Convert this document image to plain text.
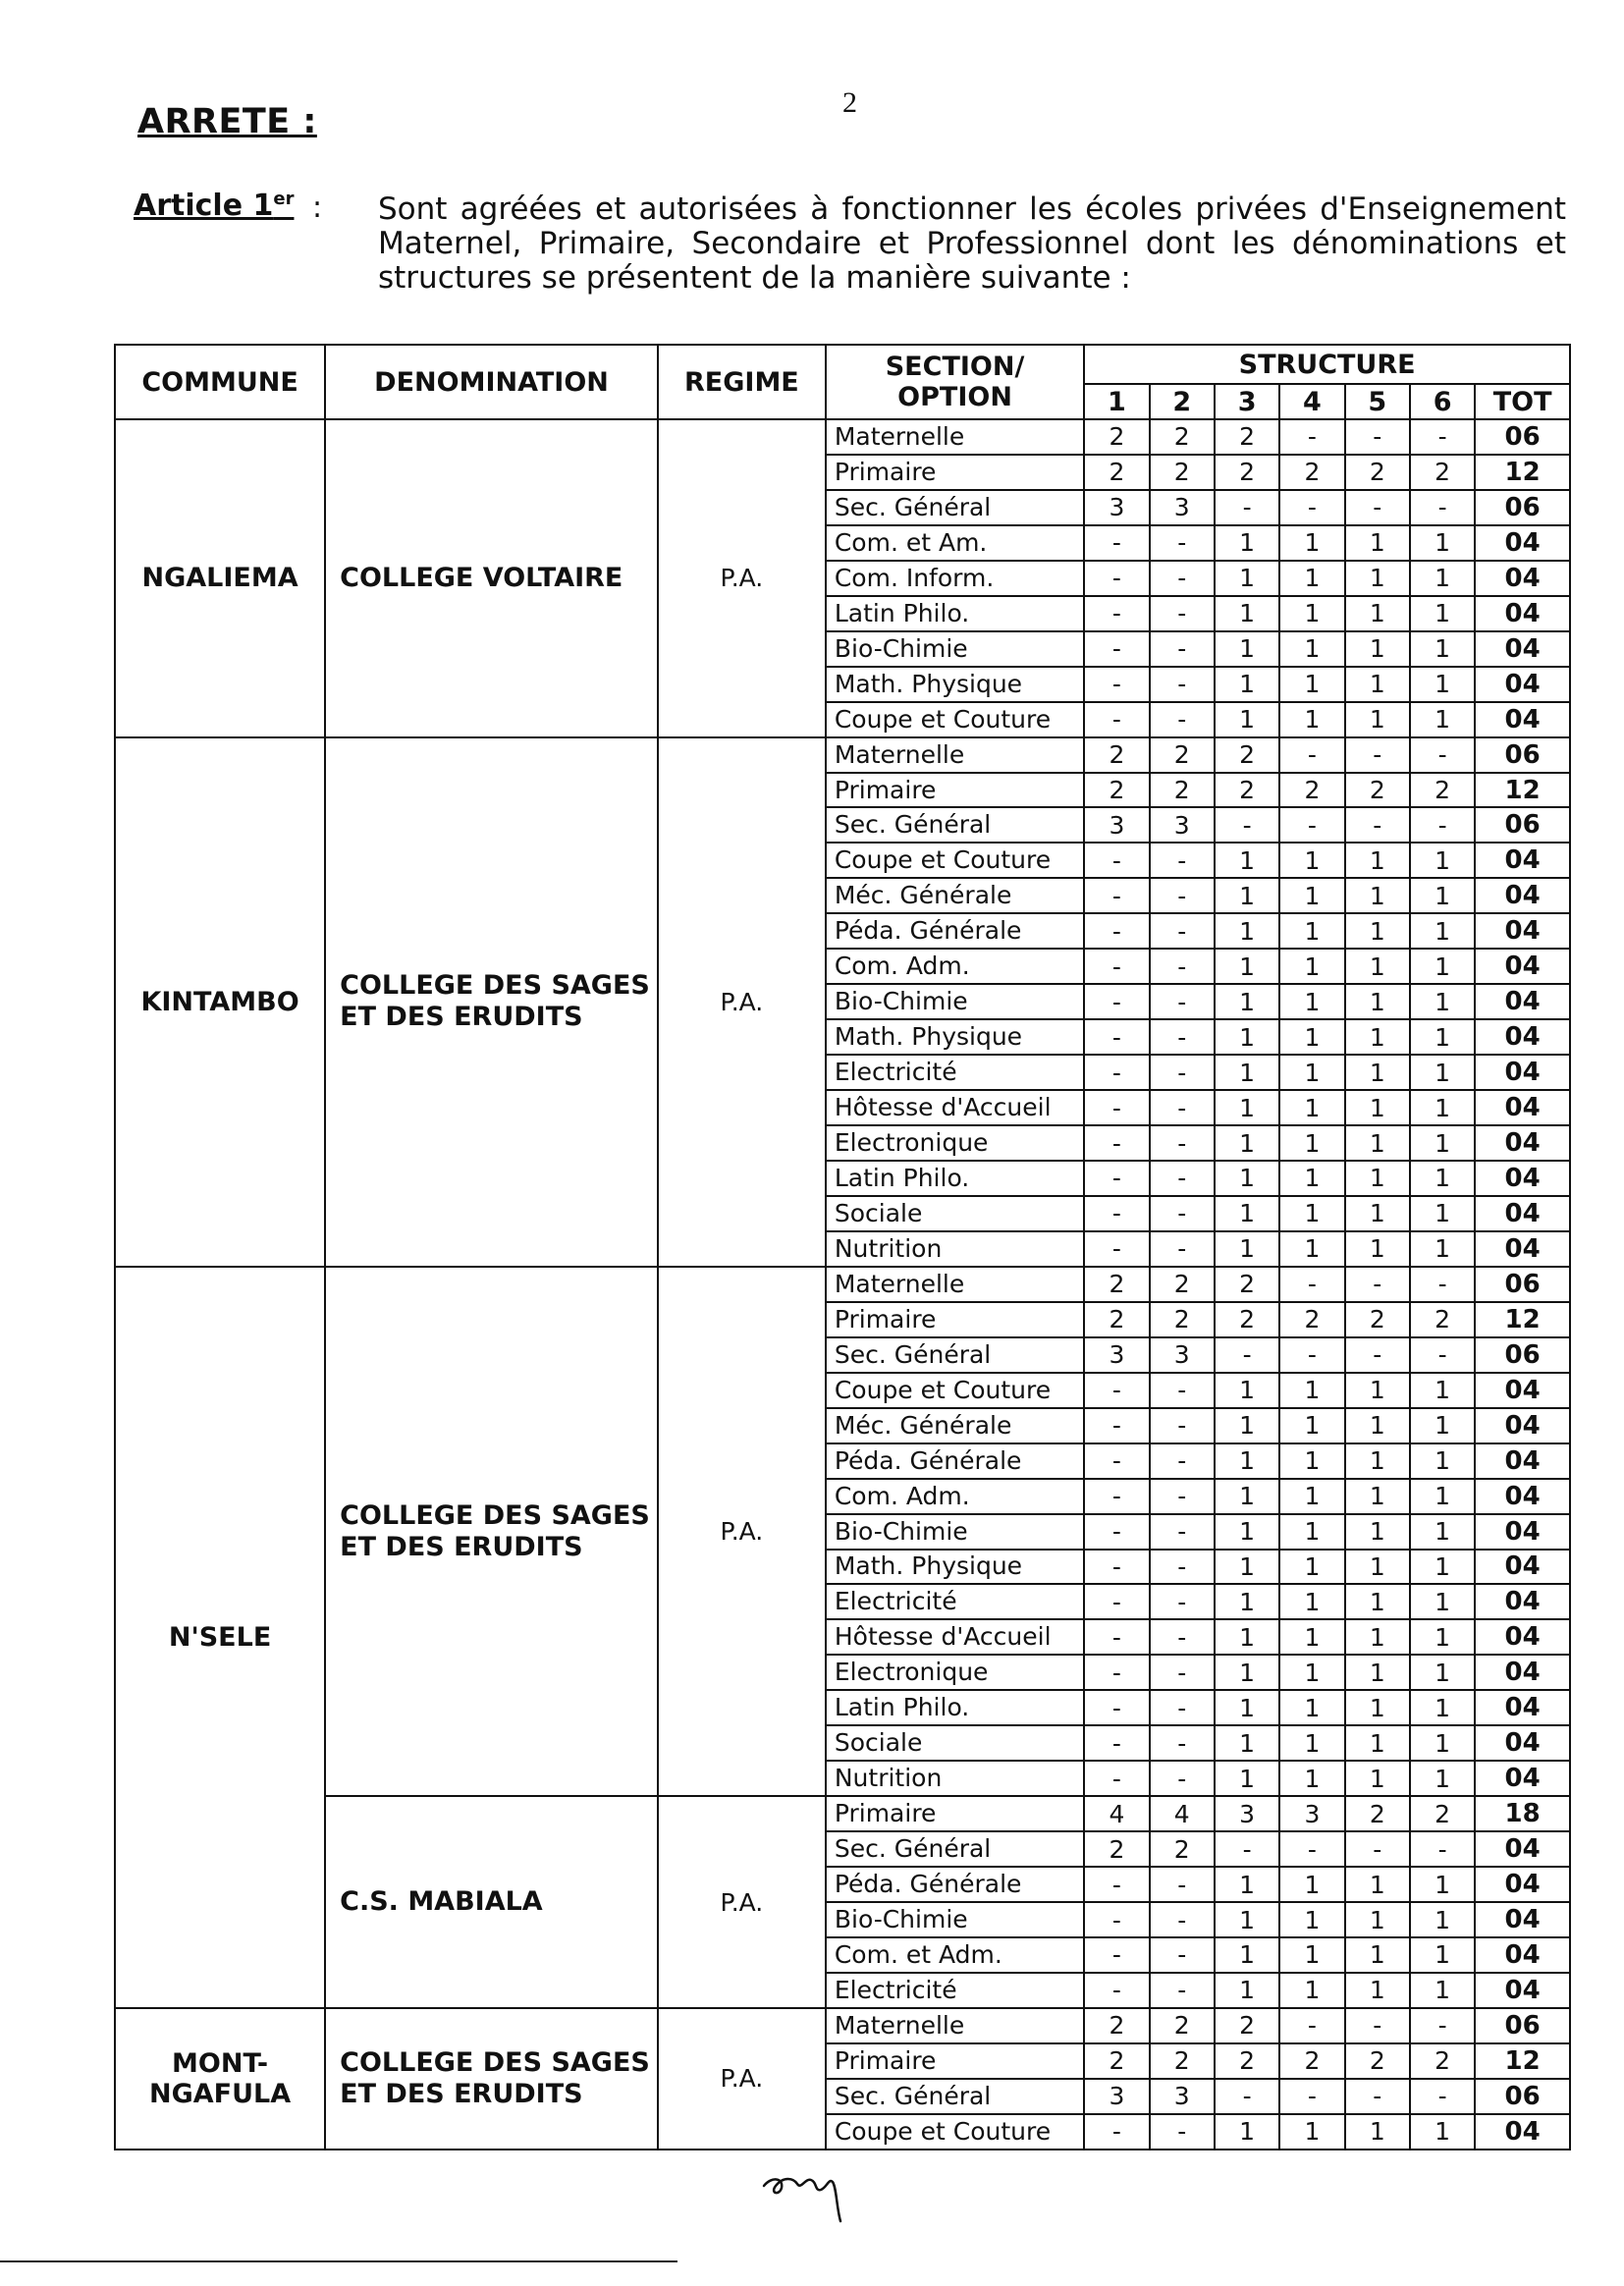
2
ARRETE :
Article 1er : Sont agréées et autorisées à fonctionner les écoles privées d'Enseignement Maternel, Primaire, Secondaire et Professionnel dont les dénominations et structures se présentent de la manière suivante :
COMMUNE	DENOMINATION	REGIME	SECTION/ OPTION	STRUCTURE						
				1	2	3	4	5	6	TOT
NGALIEMA	COLLEGE VOLTAIRE	P.A.	Maternelle	2	2	2	-	-	-	06
			Primaire	2	2	2	2	2	2	12
			Sec. Général	3	3	-	-	-	-	06
			Com. et Am.	-	-	1	1	1	1	04
			Com. Inform.	-	-	1	1	1	1	04
			Latin Philo.	-	-	1	1	1	1	04
			Bio-Chimie	-	-	1	1	1	1	04
			Math. Physique	-	-	1	1	1	1	04
			Coupe et Couture	-	-	1	1	1	1	04
KINTAMBO	COLLEGE DES SAGES ET DES ERUDITS	P.A.	Maternelle	2	2	2	-	-	-	06
			Primaire	2	2	2	2	2	2	12
			Sec. Général	3	3	-	-	-	-	06
			Coupe et Couture	-	-	1	1	1	1	04
			Méc. Générale	-	-	1	1	1	1	04
			Péda. Générale	-	-	1	1	1	1	04
			Com. Adm.	-	-	1	1	1	1	04
			Bio-Chimie	-	-	1	1	1	1	04
			Math. Physique	-	-	1	1	1	1	04
			Electricité	-	-	1	1	1	1	04
			Hôtesse d'Accueil	-	-	1	1	1	1	04
			Electronique	-	-	1	1	1	1	04
			Latin Philo.	-	-	1	1	1	1	04
			Sociale	-	-	1	1	1	1	04
			Nutrition	-	-	1	1	1	1	04
N'SELE	COLLEGE DES SAGES ET DES ERUDITS	P.A.	Maternelle	2	2	2	-	-	-	06
			Primaire	2	2	2	2	2	2	12
			Sec. Général	3	3	-	-	-	-	06
			Coupe et Couture	-	-	1	1	1	1	04
			Méc. Générale	-	-	1	1	1	1	04
			Péda. Générale	-	-	1	1	1	1	04
			Com. Adm.	-	-	1	1	1	1	04
			Bio-Chimie	-	-	1	1	1	1	04
			Math. Physique	-	-	1	1	1	1	04
			Electricité	-	-	1	1	1	1	04
			Hôtesse d'Accueil	-	-	1	1	1	1	04
			Electronique	-	-	1	1	1	1	04
			Latin Philo.	-	-	1	1	1	1	04
			Sociale	-	-	1	1	1	1	04
			Nutrition	-	-	1	1	1	1	04
	C.S. MABIALA	P.A.	Primaire	4	4	3	3	2	2	18
			Sec. Général	2	2	-	-	-	-	04
			Péda. Générale	-	-	1	1	1	1	04
			Bio-Chimie	-	-	1	1	1	1	04
			Com. et Adm.	-	-	1	1	1	1	04
			Electricité	-	-	1	1	1	1	04
MONT-NGAFULA	COLLEGE DES SAGES ET DES ERUDITS	P.A.	Maternelle	2	2	2	-	-	-	06
			Primaire	2	2	2	2	2	2	12
			Sec. Général	3	3	-	-	-	-	06
			Coupe et Couture	-	-	1	1	1	1	04
